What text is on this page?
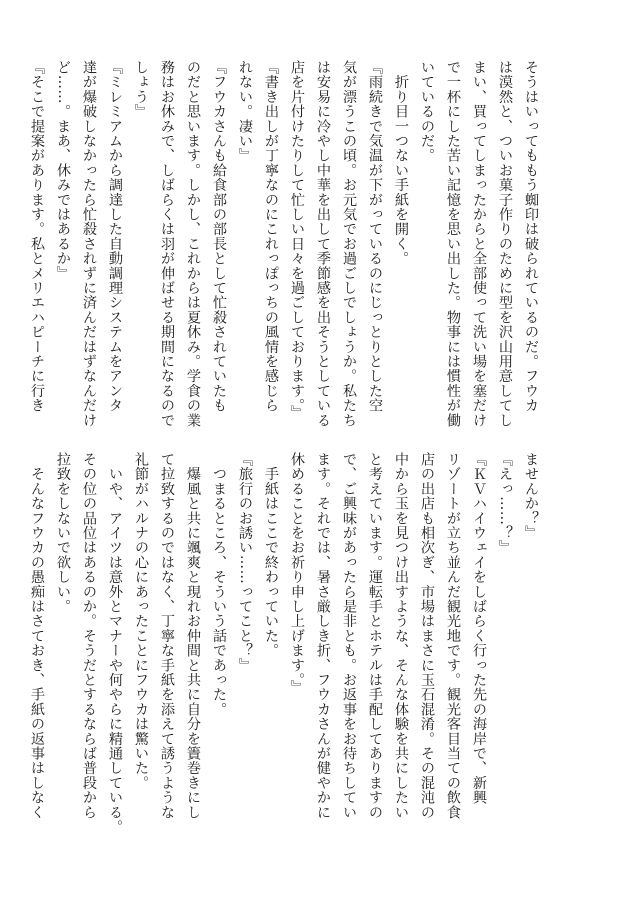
そうはいってももう蜘印は破られているのだ。フウカ
は漠然と、ついお菓子作りのために型を沢山用意してし
まい、買ってしまったからと全部使って洗い場を塞だけ
で一杯にした苦い記憶を思い出した。物事には慣性が働
いているのだ。
　折り目一つない手紙を開く。
『雨続きで気温が下がっているのにじっとりとした空
気が漂うこの頃。お元気でお過ごしでしょうか。私たち
は安易に冷やし中華を出して季節感を出そうとしている
店を片付けたりして忙しい日々を過ごしております。』
『書き出しが丁寧なのにこれっぽっちの風情を感じら
れない。凄い』
『フウカさんも給食部の部長として忙殺されていたも
のだと思います。しかし、これからは夏休み。学食の業
務はお休みで、しばらくは羽が伸ばせる期間になるので
しょう』
『ミレミアムから調達した自動調理システムをアンタ
達が爆破しなかったら忙殺されずに済んだはずなんだけ
ど……。まあ、休みではあるか』
『そこで提案があります。私とメリエハピーチに行き
ませんか？』
『えっ……？』
『ＫＶハイウェイをしばらく行った先の海岸で、新興
リゾートが立ち並んだ観光地です。観光客目当ての飲食
店の出店も相次ぎ、市場はまさに玉石混淆。その混沌の
中から玉を見つけ出すような、そんな体験を共にしたい
と考えています。運転手とホテルは手配してありますの
で、ご興味があったら是非とも。お返事をお待ちしてい
ます。それでは、暑さ厳しき折、フウカさんが健やかに
休めることをお祈り申し上げます。』
　手紙はここで終わっていた。
『旅行のお誘い……ってこと？』
　つまるところ、そういう話であった。
　爆風と共に颯爽と現れお仲間と共に自分を簀巻きにし
て拉致するのではなく、丁寧な手紙を添えて誘うような
礼節がハルナの心にあったことにフウカは驚いた。
　いや、アイツは意外とマナーや何やらに精通している。
その位の品位はあるのか。そうだとするならば普段から
拉致をしないで欲しい。
　そんなフウカの愚痴はさておき、手紙の返事はしなく
